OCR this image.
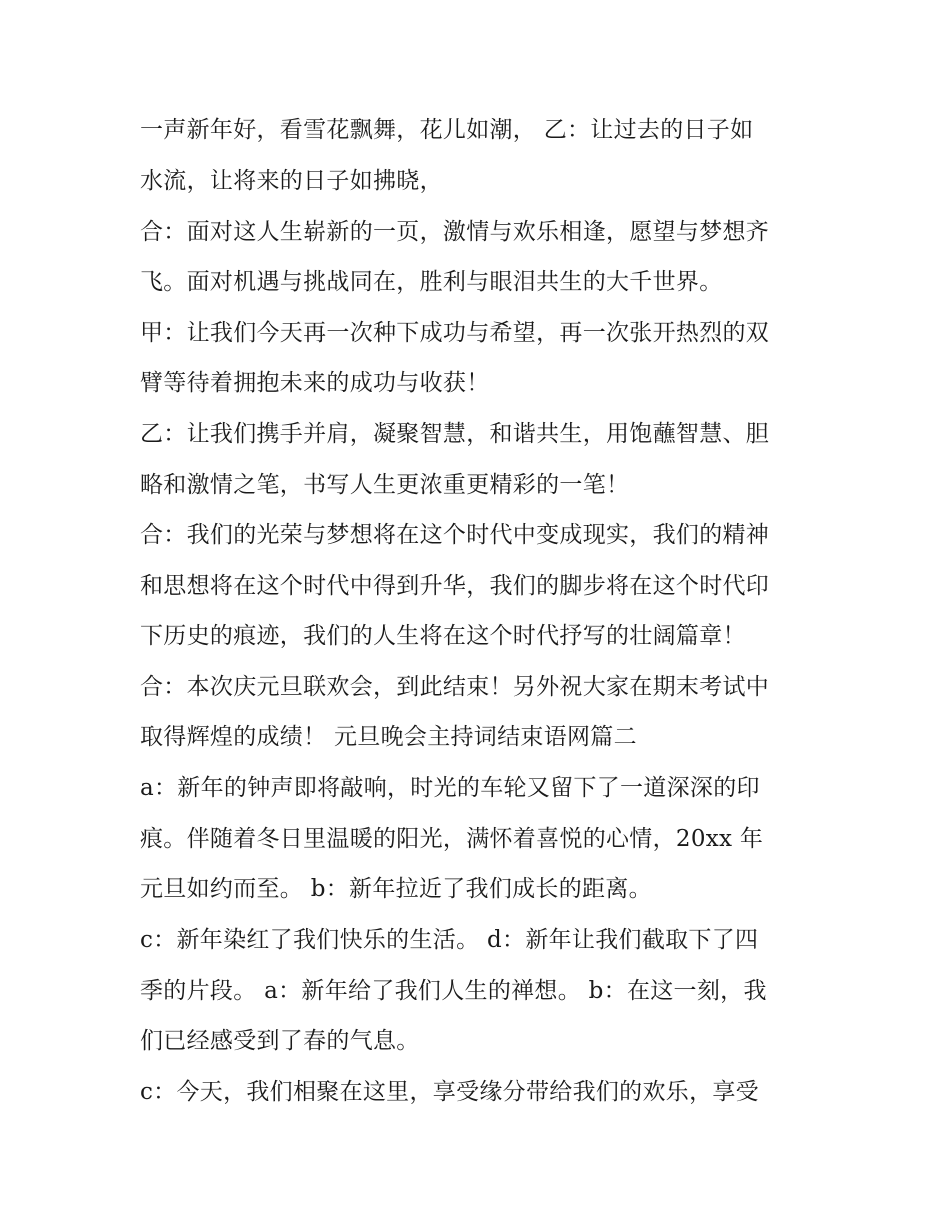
一声新年好，看雪花飘舞，花儿如潮， 乙：让过去的日子如
水流，让将来的日子如拂晓，
合：面对这人生崭新的一页，激情与欢乐相逢，愿望与梦想齐
飞。面对机遇与挑战同在，胜利与眼泪共生的大千世界。
甲：让我们今天再一次种下成功与希望，再一次张开热烈的双
臂等待着拥抱未来的成功与收获！
乙：让我们携手并肩，凝聚智慧，和谐共生，用饱蘸智慧、胆
略和激情之笔，书写人生更浓重更精彩的一笔！
合：我们的光荣与梦想将在这个时代中变成现实，我们的精神
和思想将在这个时代中得到升华，我们的脚步将在这个时代印
下历史的痕迹，我们的人生将在这个时代抒写的壮阔篇章！
合：本次庆元旦联欢会，到此结束！另外祝大家在期末考试中
取得辉煌的成绩！ 元旦晚会主持词结束语网篇二
a：新年的钟声即将敲响，时光的车轮又留下了一道深深的印
痕。伴随着冬日里温暖的阳光，满怀着喜悦的心情，20xx 年
元旦如约而至。 b：新年拉近了我们成长的距离。
c：新年染红了我们快乐的生活。 d：新年让我们截取下了四
季的片段。 a：新年给了我们人生的禅想。 b：在这一刻，我
们已经感受到了春的气息。
c：今天，我们相聚在这里，享受缘分带给我们的欢乐，享受
